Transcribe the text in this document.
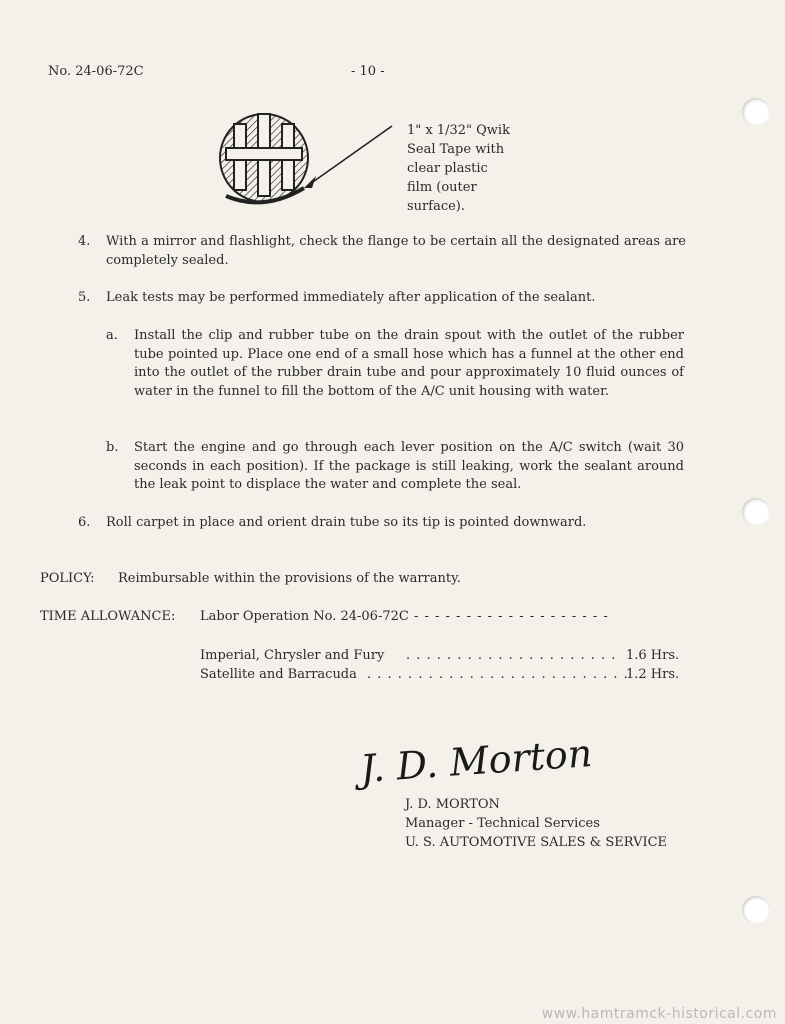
No. 24-06-72C	- 10 -
1" x 1/32" Qwik
Seal Tape with
clear plastic
film (outer
surface).
4. With a mirror and flashlight, check the flange to be certain all the designated areas are completely sealed.
5. Leak tests may be performed immediately after application of the sealant.
a. Install the clip and rubber tube on the drain spout with the outlet of the rubber tube pointed up. Place one end of a small hose which has a funnel at the other end into the outlet of the rubber drain tube and pour approximately 10 fluid ounces of water in the funnel to fill the bottom of the A/C unit housing with water.
b. Start the engine and go through each lever position on the A/C switch (wait 30 seconds in each position). If the package is still leaking, work the sealant around the leak point to displace the water and complete the seal.
6. Roll carpet in place and orient drain tube so its tip is pointed downward.
POLICY: Reimbursable within the provisions of the warranty.
TIME ALLOWANCE: Labor Operation No. 24-06-72C - - - - - - - - - - - - - - - - - - -
Imperial, Chrysler and Fury . . . . . . . . . . . . . . . . . . . . . 1.6 Hrs.
Satellite and Barracuda . . . . . . . . . . . . . . . . . . . . . . . . . .
1.2 Hrs.
J. D. Morton
J. D. MORTON
Manager - Technical Services
U. S. AUTOMOTIVE SALES & SERVICE
www.hamtramck-historical.com
